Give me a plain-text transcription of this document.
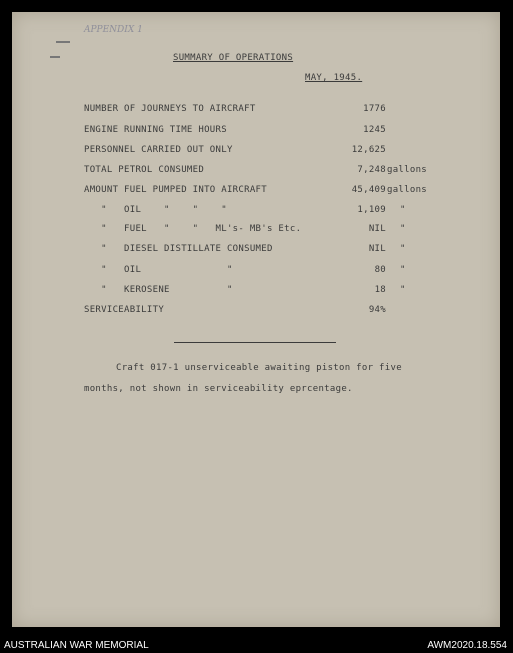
APPENDIX 1
SUMMARY OF OPERATIONS
MAY, 1945.
NUMBER OF JOURNEYS TO AIRCRAFT	1776
ENGINE RUNNING TIME HOURS	1245
PERSONNEL CARRIED OUT ONLY	12,625
TOTAL PETROL CONSUMED	7,248 gallons
AMOUNT FUEL PUMPED INTO AIRCRAFT	45,409 gallons
"   OIL    "    "    "	1,109 "
"   FUEL   "    "   ML's- MB's Etc.	NIL "
"   DIESEL DISTILLATE CONSUMED	NIL "
"   OIL               "	80 "
"   KEROSENE          "	18 "
SERVICEABILITY	94%
Craft 017-1 unserviceable awaiting piston for five
months, not shown in serviceability eprcentage.
AUSTRALIAN WAR MEMORIAL	AWM2020.18.554
